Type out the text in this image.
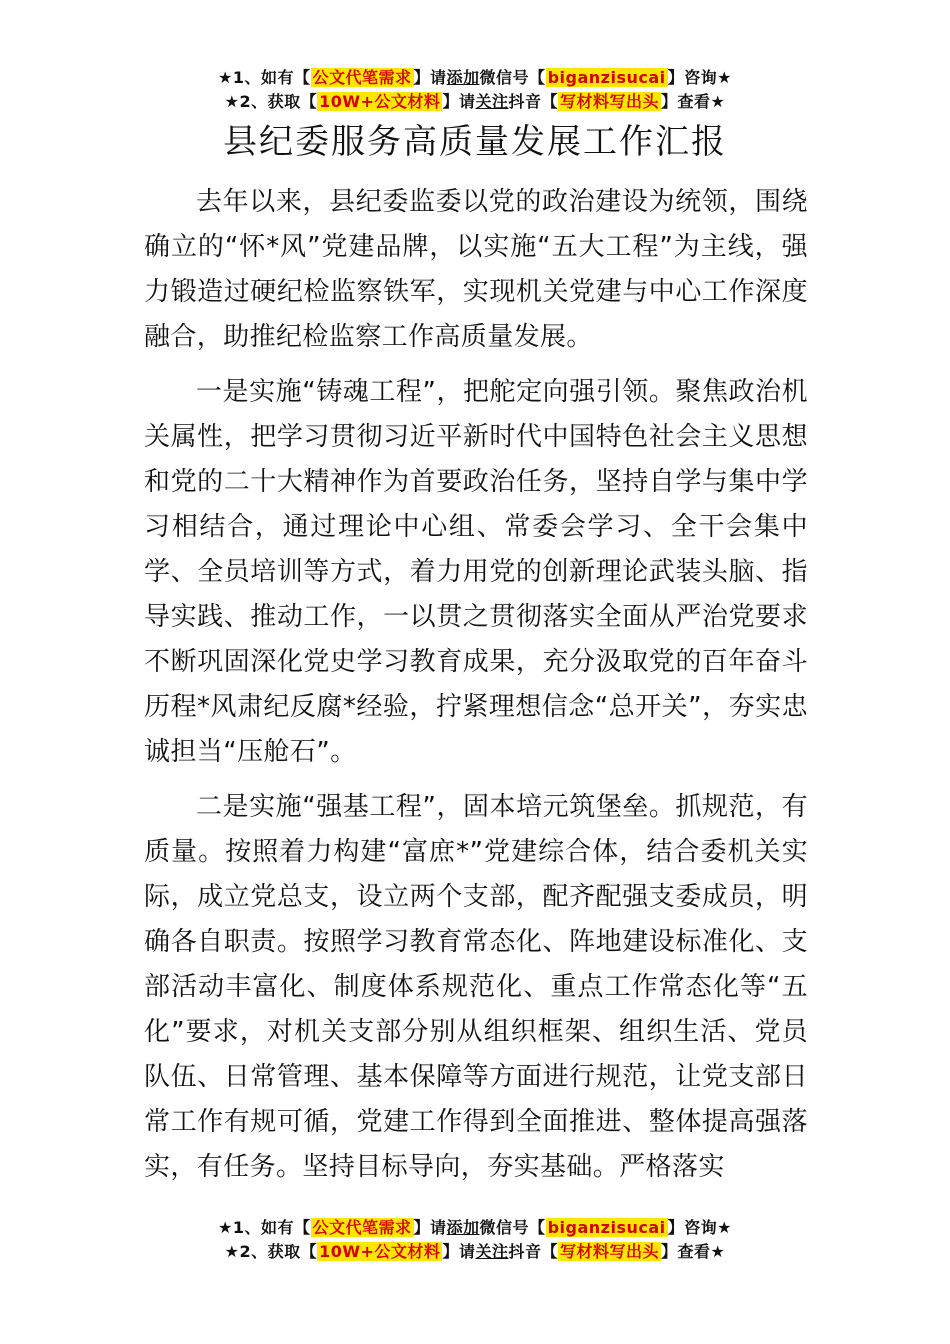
★1、如有【 公文代笔需求 】请添加微信号【 biganzisucai 】咨询★
★2、获取【 10W+公文材料 】请关注抖音【 写材料写出头 】查看★
县纪委服务高质量发展工作汇报

去年以来，县纪委监委以党的政治建设为统领，围绕确立的“怀*风”党建品牌，以实施“五大工程”为主线，强力锻造过硬纪检监察铁军，实现机关党建与中心工作深度融合，助推纪检监察工作高质量发展。

一是实施“铸魂工程”，把舵定向强引领。聚焦政治机关属性，把学习贯彻习近平新时代中国特色社会主义思想和党的二十大精神作为首要政治任务，坚持自学与集中学习相结合，通过理论中心组、常委会学习、全干会集中学、全员培训等方式，着力用党的创新理论武装头脑、指导实践、推动工作，一以贯之贯彻落实全面从严治党要求不断巩固深化党史学习教育成果，充分汲取党的百年奋斗历程*风肃纪反腐*经验，拧紧理想信念“总开关”，夯实忠诚担当“压舱石”。

二是实施“强基工程”，固本培元筑堡垒。抓规范，有质量。按照着力构建“富庶*”党建综合体，结合委机关实际，成立党总支，设立两个支部，配齐配强支委成员，明确各自职责。按照学习教育常态化、阵地建设标准化、支部活动丰富化、制度体系规范化、重点工作常态化等“五化”要求，对机关支部分别从组织框架、组织生活、党员队伍、日常管理、基本保障等方面进行规范，让党支部日常工作有规可循，党建工作得到全面推进、整体提高强落实，有任务。坚持目标导向，夯实基础。严格落实

★1、如有【 公文代笔需求 】请添加微信号【 biganzisucai 】咨询★
★2、获取【 10W+公文材料 】请关注抖音【 写材料写出头 】查看★
